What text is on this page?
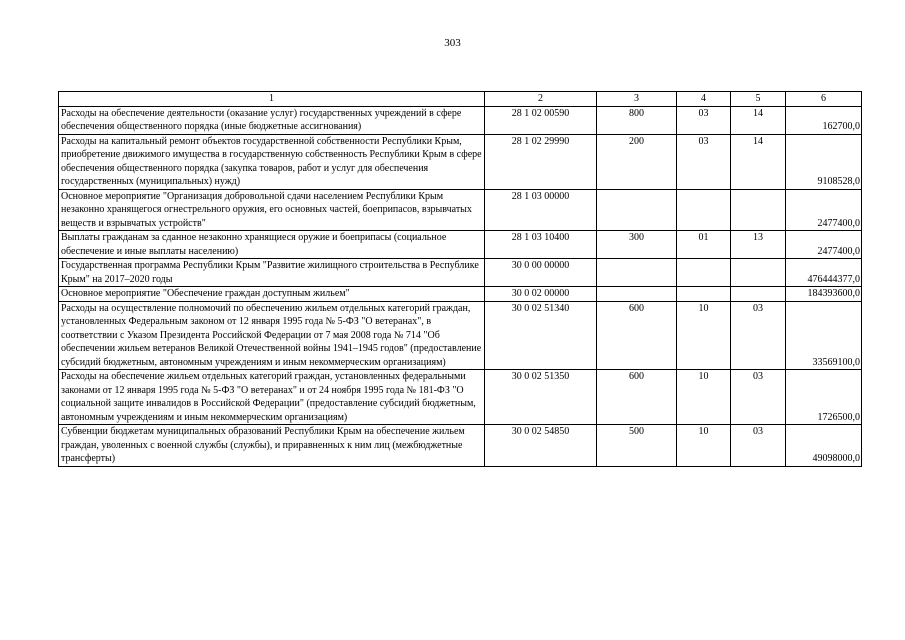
303
1	2	3	4	5	6
Расходы на обеспечение деятельности (оказание услуг) государственных учреждений в сфере обеспечения общественного порядка (иные бюджетные ассигнования)	28 1 02 00590	800	03	14	162700,0
Расходы на капитальный ремонт объектов государственной собственности Республики Крым, приобретение движимого имущества в государственную собственность Республики Крым в сфере обеспечения общественного порядка (закупка товаров, работ и услуг для обеспечения государственных (муниципальных) нужд)	28 1 02 29990	200	03	14	9108528,0
Основное мероприятие "Организация добровольной сдачи населением Республики Крым незаконно хранящегося огнестрельного оружия, его основных частей, боеприпасов, взрывчатых веществ и взрывчатых устройств"	28 1 03 00000				2477400,0
Выплаты гражданам за сданное незаконно хранящиеся оружие и боеприпасы (социальное обеспечение и иные выплаты населению)	28 1 03 10400	300	01	13	2477400,0
Государственная программа Республики Крым "Развитие жилищного строительства в Республике Крым" на 2017–2020 годы	30 0 00 00000				476444377,0
Основное мероприятие "Обеспечение граждан доступным жильем"	30 0 02 00000				184393600,0
Расходы на осуществление полномочий по обеспечению жильем отдельных категорий граждан, установленных Федеральным законом от 12 января 1995 года № 5-ФЗ "О ветеранах", в соответствии с Указом Президента Российской Федерации от 7 мая 2008 года № 714 "Об обеспечении жильем ветеранов Великой Отечественной войны 1941–1945 годов" (предоставление субсидий бюджетным, автономным учреждениям и иным некоммерческим организациям)	30 0 02 51340	600	10	03	33569100,0
Расходы на обеспечение жильем отдельных категорий граждан, установленных федеральными законами от 12 января 1995 года № 5-ФЗ "О ветеранах" и от 24 ноября 1995 года № 181-ФЗ "О социальной защите инвалидов в Российской Федерации" (предоставление субсидий бюджетным, автономным учреждениям и иным некоммерческим организациям)	30 0 02 51350	600	10	03	1726500,0
Субвенции бюджетам муниципальных образований Республики Крым на обеспечение жильем граждан, уволенных с военной службы (службы), и приравненных к ним лиц (межбюджетные трансферты)	30 0 02 54850	500	10	03	49098000,0
